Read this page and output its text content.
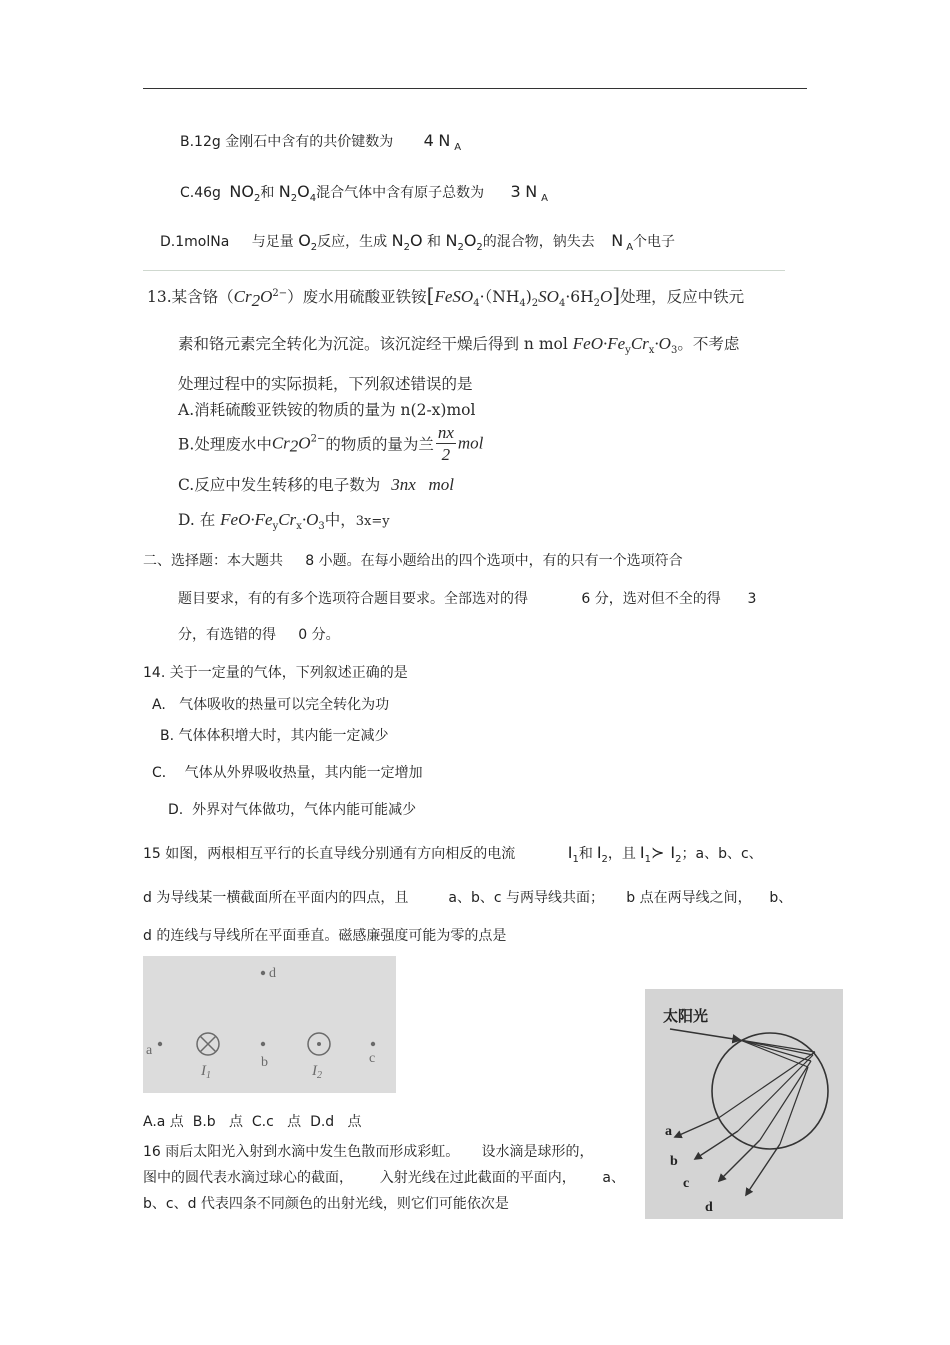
B.12g 金刚石中含有的共价键数为 4 N $_A$
C.46g $NO_2$和 $N_2O_4$混合气体中含有原子总数为 3 N $_A$
D.1molNa 与足量 $O_2$反应，生成 $N_2O$ 和 $N_2O_2$的混合物，钠失去 N $_A$个电子
13.某含铬$(Cr_2O^{2-})$废水用硫酸亚铁铵$[FeSO_4\cdot(NH_4)_2SO_4\cdot 6H_2O]$处理，反应中铁元
素和铬元素完全转化为沉淀。该沉淀经干燥后得到 n mol $FeO\cdot Fe_yCr_x\cdot O_3$。不考虑
处理过程中的实际损耗，下列叙述错误的是
A.消耗硫酸亚铁铵的物质的量为 n(2-x)mol
B.处理废水中$Cr_2O^{2-}$的物质的量为兰 $\frac{nx}{2}$ mol
C.反应中发生转移的电子数为 3nx   mol
D. 在 $FeO\cdot Fe_yCr_x\cdot O_3$中，3x=y
二、选择题：本大题共     8 小题。在每小题给出的四个选项中，有的只有一个选项符合
题目要求，有的有多个选项符合题目要求。全部选对的得            6 分，选对但不全的得      3
分，有选错的得     0 分。
14. 关于一定量的气体，下列叙述正确的是
A.   气体吸收的热量可以完全转化为功
B. 气体体积增大时，其内能一定减少
C．  气体从外界吸收热量，其内能一定增加
D.  外界对气体做功，气体内能可能减少
15 如图，两根相互平行的长直导线分别通有方向相反的电流	$I_1$和 $I_2$，且 $I_1≻$ $I_2$；a、b、c、
d 为导线某一横截面所在平面内的四点，且         a、b、c 与两导线共面；     b 点在两导线之间，    b、
d 的连线与导线所在平面垂直。磁感廉强度可能为零的点是
d
a
$I_1$
b
$I_2$
c
A.a 点  B.b   点  C.c   点  D.d   点
16 雨后太阳光入射到水滴中发生色散而形成彩虹。     设水滴是球形的，
图中的圆代表水滴过球心的截面，      入射光线在过此截面的平面内，      a、
b、c、d 代表四条不同颜色的出射光线，则它们可能依次是
太阳光
a
b
c
d
